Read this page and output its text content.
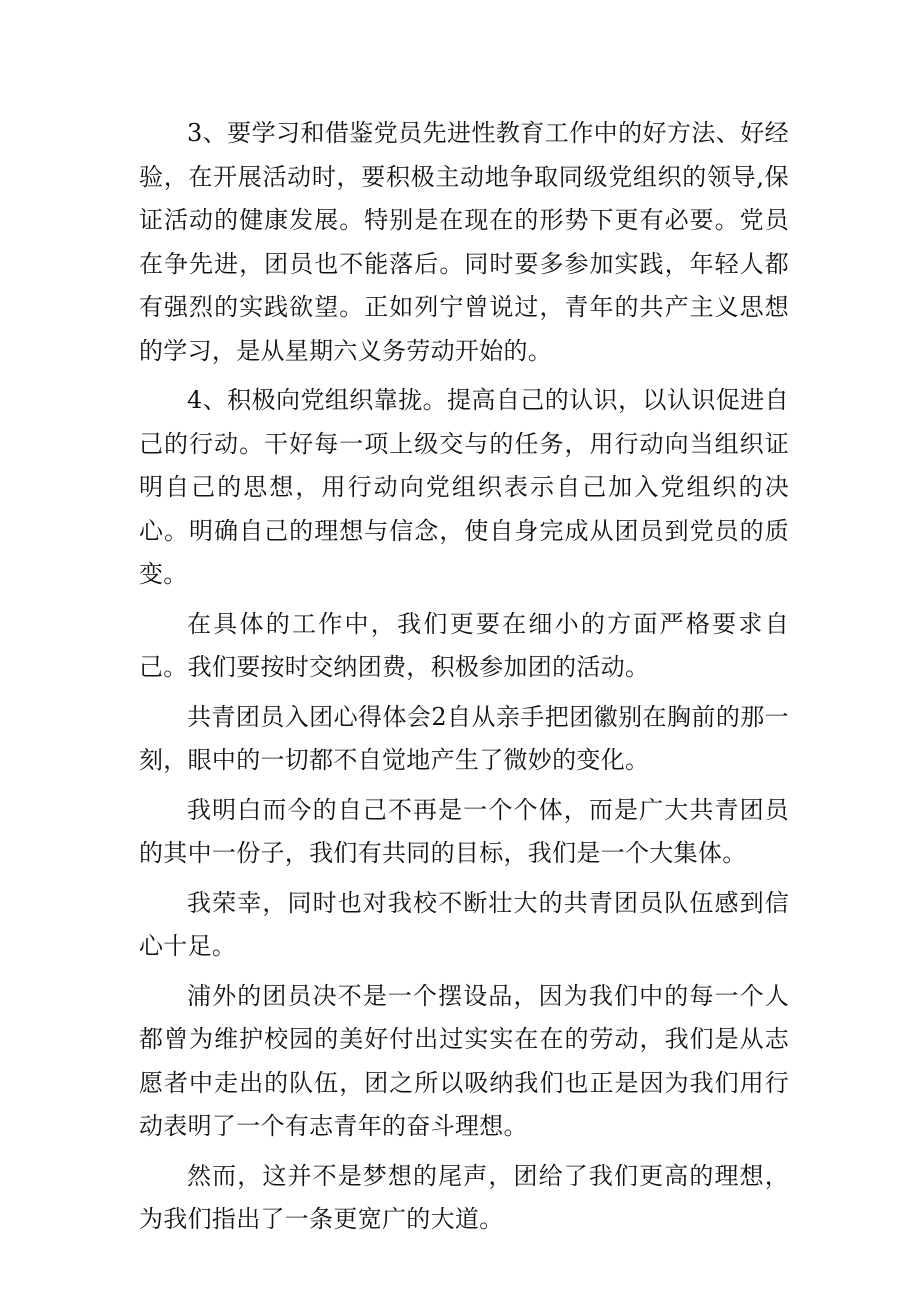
3、要学习和借鉴党员先进性教育工作中的好方法、好经验，在开展活动时，要积极主动地争取同级党组织的领导,保证活动的健康发展。特别是在现在的形势下更有必要。党员在争先进，团员也不能落后。同时要多参加实践，年轻人都有强烈的实践欲望。正如列宁曾说过，青年的共产主义思想的学习，是从星期六义务劳动开始的。

4、积极向党组织靠拢。提高自己的认识，以认识促进自己的行动。干好每一项上级交与的任务，用行动向当组织证明自己的思想，用行动向党组织表示自己加入党组织的决心。明确自己的理想与信念，使自身完成从团员到党员的质变。

在具体的工作中，我们更要在细小的方面严格要求自己。我们要按时交纳团费，积极参加团的活动。

共青团员入团心得体会2自从亲手把团徽别在胸前的那一刻，眼中的一切都不自觉地产生了微妙的变化。

我明白而今的自己不再是一个个体，而是广大共青团员的其中一份子，我们有共同的目标，我们是一个大集体。

我荣幸，同时也对我校不断壮大的共青团员队伍感到信心十足。

浦外的团员决不是一个摆设品，因为我们中的每一个人都曾为维护校园的美好付出过实实在在的劳动，我们是从志愿者中走出的队伍，团之所以吸纳我们也正是因为我们用行动表明了一个有志青年的奋斗理想。

然而，这并不是梦想的尾声，团给了我们更高的理想，为我们指出了一条更宽广的大道。
